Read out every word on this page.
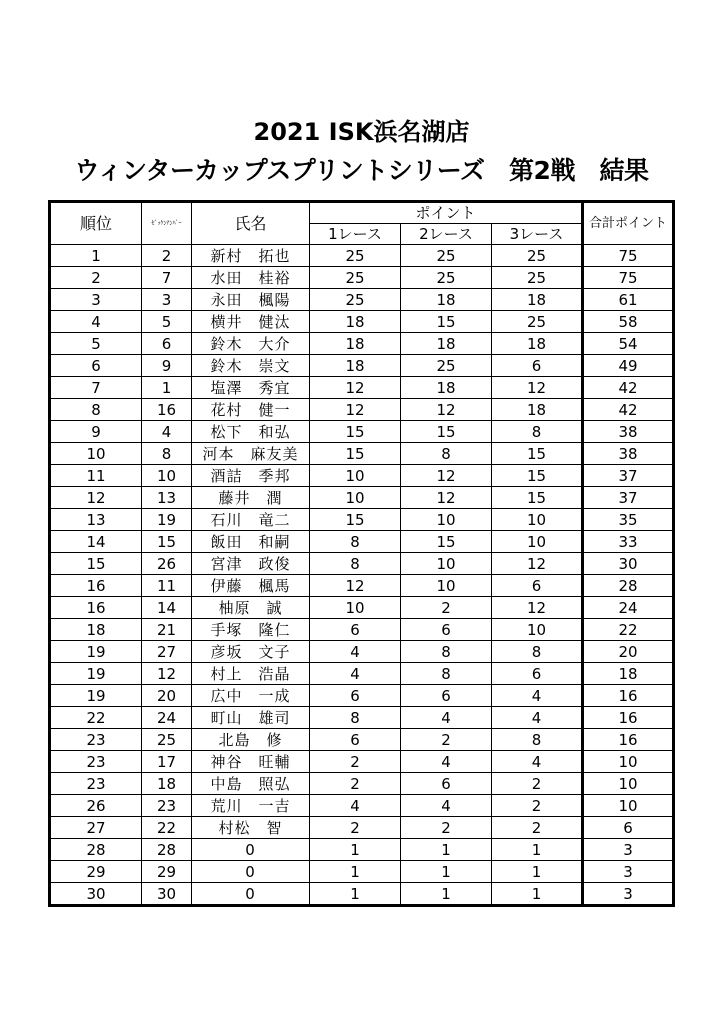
2021 ISK浜名湖店
ウィンターカップスプリントシリーズ　第2戦　結果
順位	ｾﾞｯｹﾝﾅﾝﾊﾞｰ	氏名	ポイント			合計ポイント
			1レース	2レース	3レース	
1	2	新村　拓也	25	25	25	75
2	7	水田　桂裕	25	25	25	75
3	3	永田　楓陽	25	18	18	61
4	5	横井　健汰	18	15	25	58
5	6	鈴木　大介	18	18	18	54
6	9	鈴木　崇文	18	25	6	49
7	1	塩澤　秀宜	12	18	12	42
8	16	花村　健一	12	12	18	42
9	4	松下　和弘	15	15	8	38
10	8	河本　麻友美	15	8	15	38
11	10	酒詰　季邦	10	12	15	37
12	13	藤井　潤	10	12	15	37
13	19	石川　竜二	15	10	10	35
14	15	飯田　和嗣	8	15	10	33
15	26	宮津　政俊	8	10	12	30
16	11	伊藤　楓馬	12	10	6	28
16	14	柚原　誠	10	2	12	24
18	21	手塚　隆仁	6	6	10	22
19	27	彦坂　文子	4	8	8	20
19	12	村上　浩晶	4	8	6	18
19	20	広中　一成	6	6	4	16
22	24	町山　雄司	8	4	4	16
23	25	北島　修	6	2	8	16
23	17	神谷　旺輔	2	4	4	10
23	18	中島　照弘	2	6	2	10
26	23	荒川　一吉	4	4	2	10
27	22	村松　智	2	2	2	6
28	28	0	1	1	1	3
29	29	0	1	1	1	3
30	30	0	1	1	1	3
